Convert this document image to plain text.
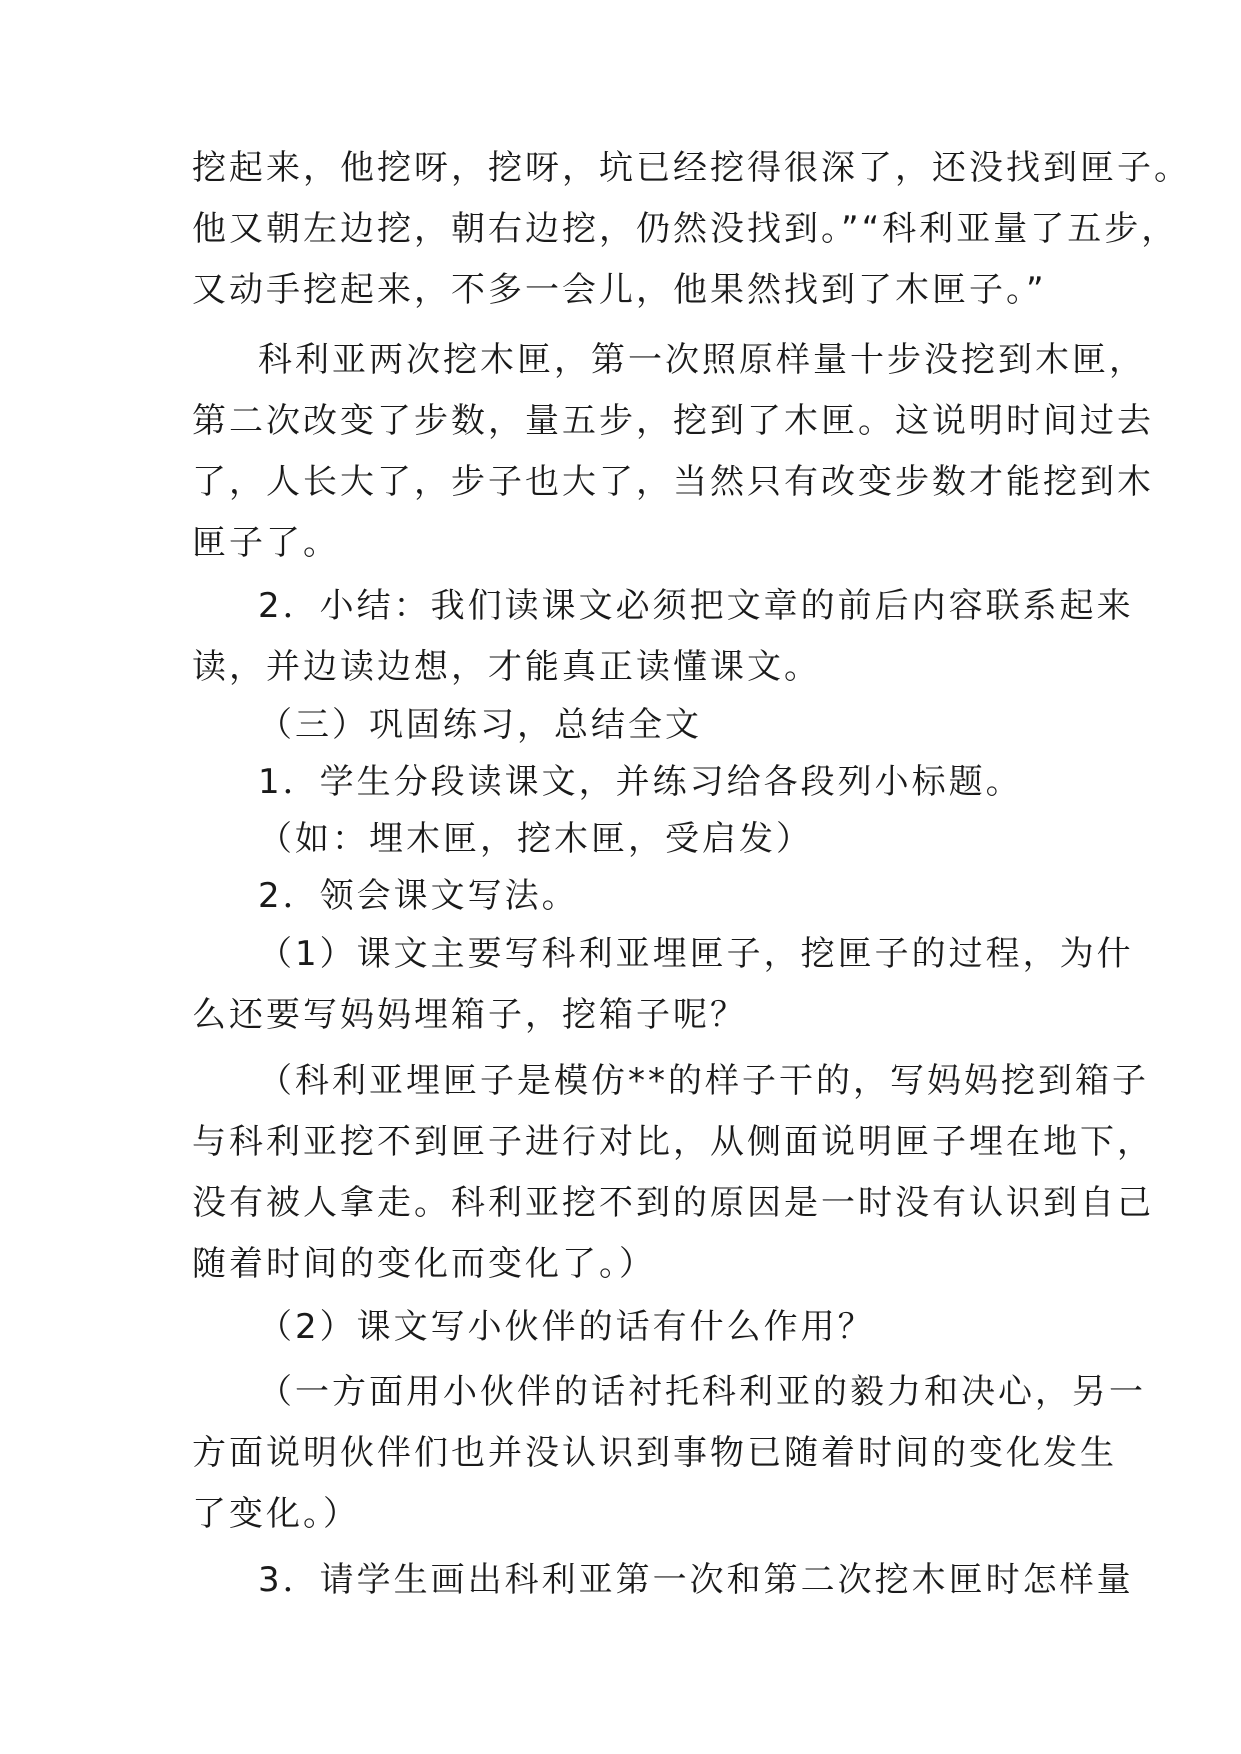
挖起来，他挖呀，挖呀，坑已经挖得很深了，还没找到匣子。
他又朝左边挖，朝右边挖，仍然没找到。”“科利亚量了五步，
又动手挖起来，不多一会儿，他果然找到了木匣子。”
科利亚两次挖木匣，第一次照原样量十步没挖到木匣，
第二次改变了步数，量五步，挖到了木匣。这说明时间过去
了，人长大了，步子也大了，当然只有改变步数才能挖到木
匣子了。
2．小结：我们读课文必须把文章的前后内容联系起来
读，并边读边想，才能真正读懂课文。
（三）巩固练习，总结全文
1．学生分段读课文，并练习给各段列小标题。
（如：埋木匣，挖木匣，受启发）
2．领会课文写法。
（1）课文主要写科利亚埋匣子，挖匣子的过程，为什
么还要写妈妈埋箱子，挖箱子呢？
（科利亚埋匣子是模仿**的样子干的，写妈妈挖到箱子
与科利亚挖不到匣子进行对比，从侧面说明匣子埋在地下，
没有被人拿走。科利亚挖不到的原因是一时没有认识到自己
随着时间的变化而变化了。）
（2）课文写小伙伴的话有什么作用？
（一方面用小伙伴的话衬托科利亚的毅力和决心，另一
方面说明伙伴们也并没认识到事物已随着时间的变化发生
了变化。）
3．请学生画出科利亚第一次和第二次挖木匣时怎样量
